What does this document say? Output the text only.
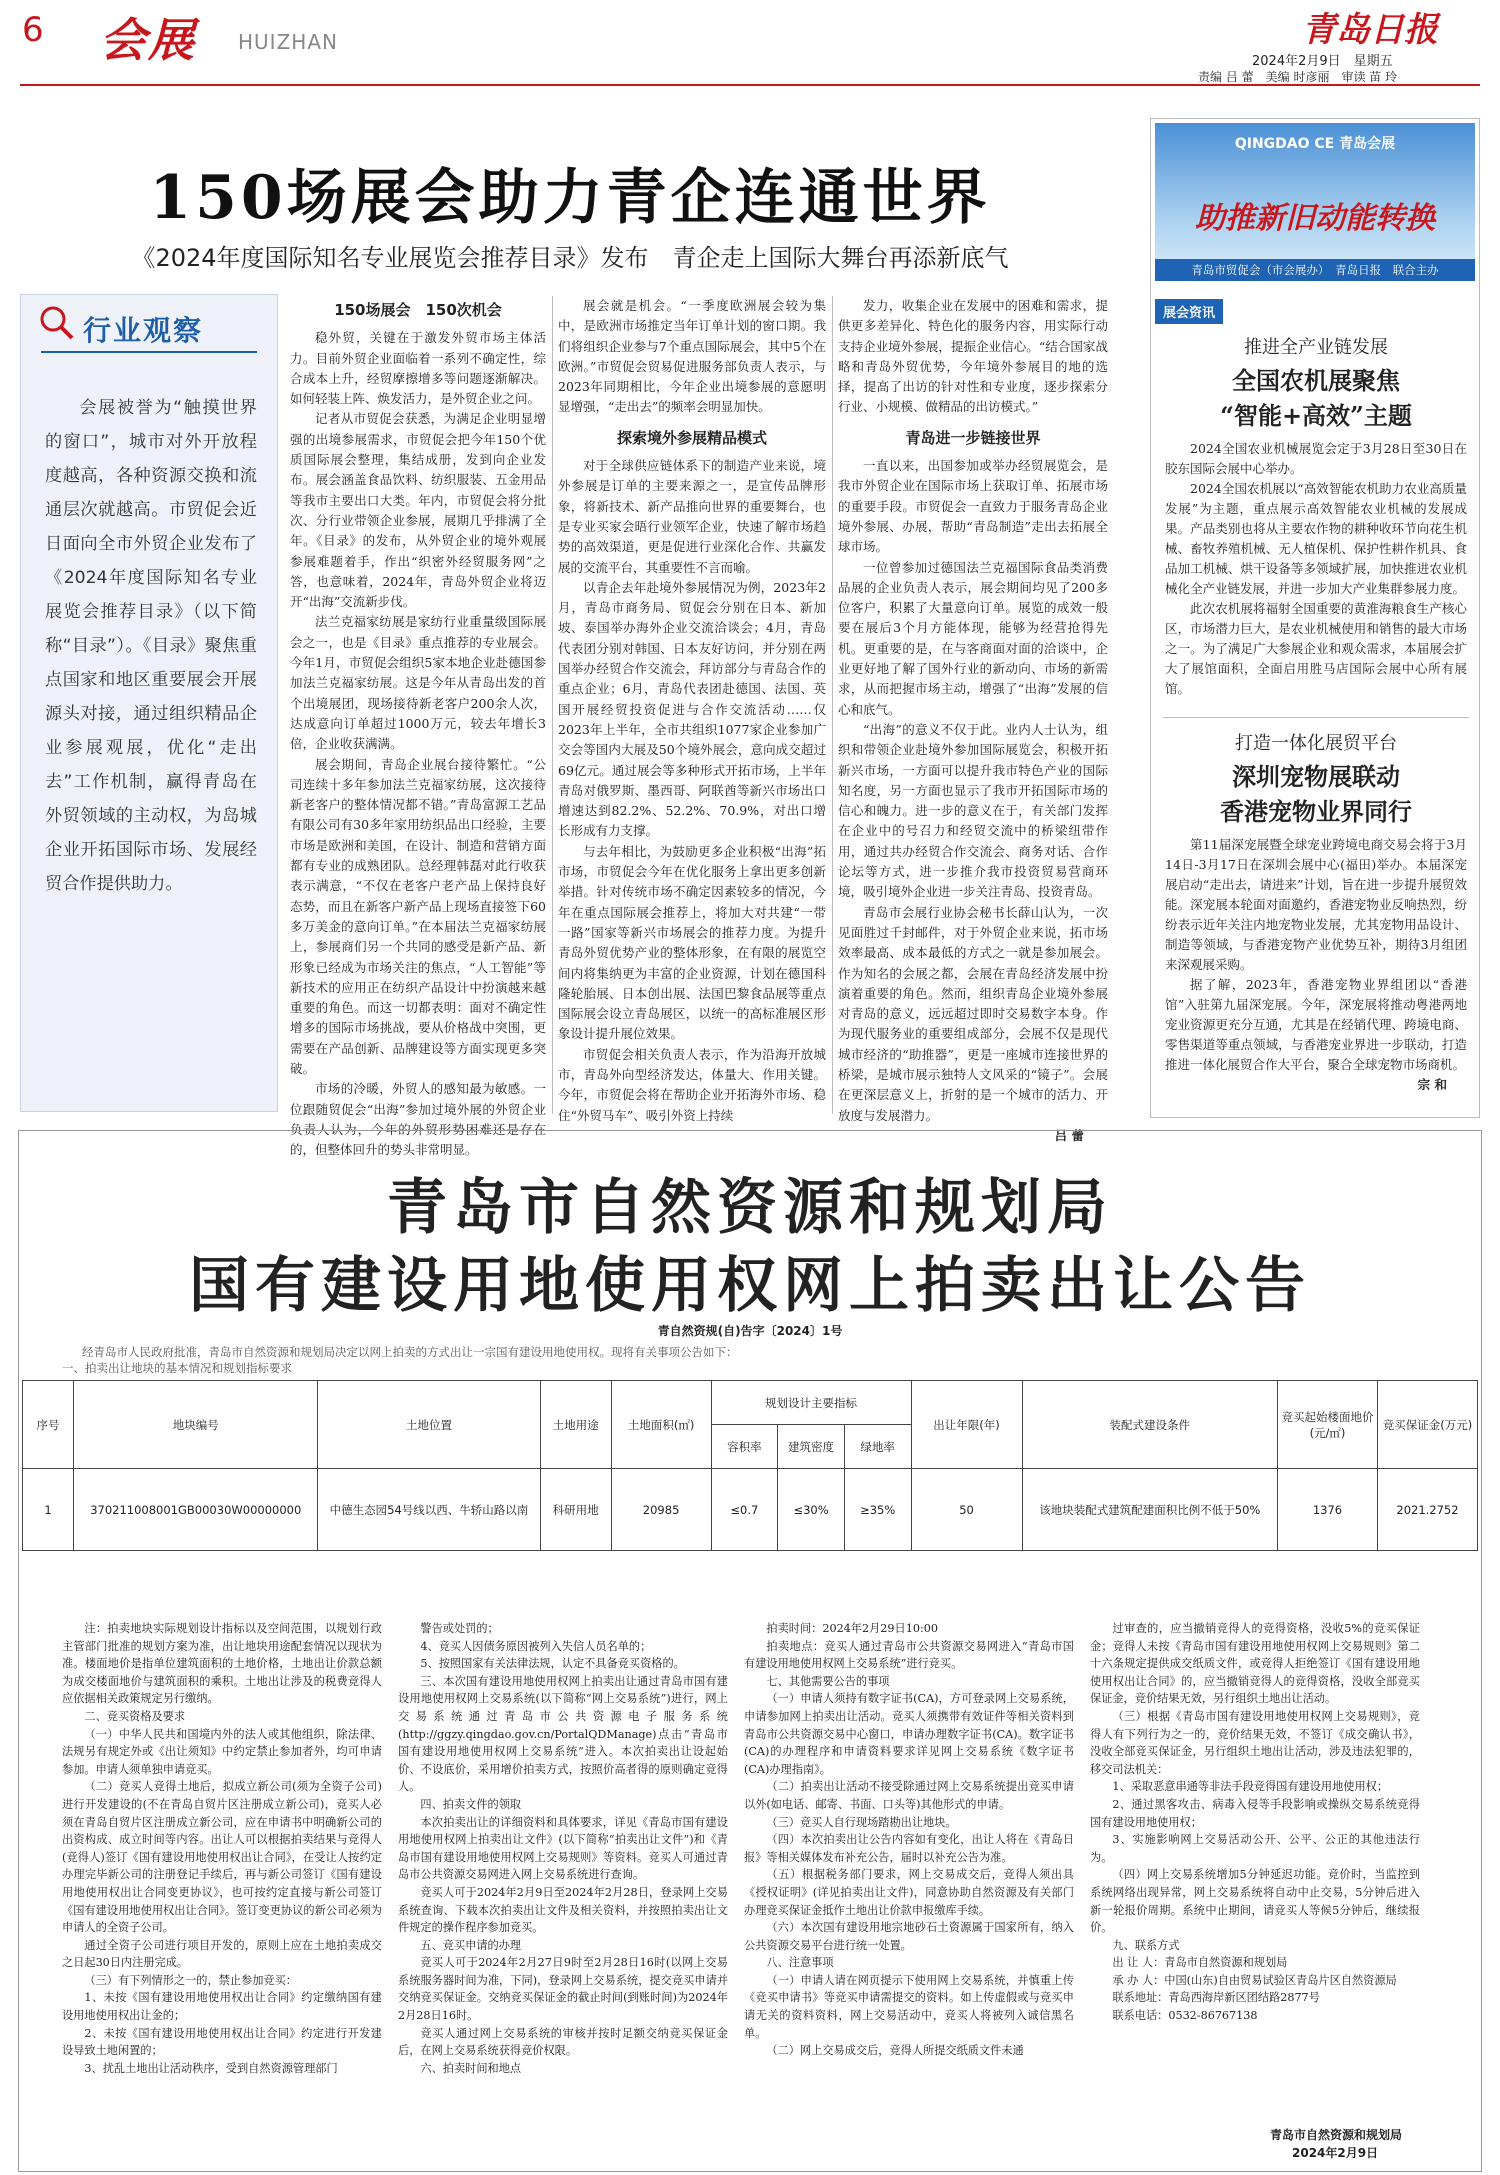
6 会展 HUIZHAN	青岛日报
2024年2月9日　星期五
责编 吕 蕾　美编 时彦丽　审读 苗 玲
150场展会助力青企连通世界
《2024年度国际知名专业展览会推荐目录》发布　青企走上国际大舞台再添新底气
行业观察
会展被誉为“触摸世界的窗口”，城市对外开放程度越高，各种资源交换和流通层次就越高。市贸促会近日面向全市外贸企业发布了《2024年度国际知名专业展览会推荐目录》（以下简称“目录”）。《目录》聚焦重点国家和地区重要展会开展源头对接，通过组织精品企业参展观展，优化“走出去”工作机制，赢得青岛在外贸领域的主动权，为岛城企业开拓国际市场、发展经贸合作提供助力。
150场展会　150次机会

稳外贸，关键在于激发外贸市场主体活力。目前外贸企业面临着一系列不确定性，综合成本上升，经贸摩擦增多等问题逐渐解决。如何轻装上阵、焕发活力，是外贸企业之问。

记者从市贸促会获悉，为满足企业明显增强的出境参展需求，市贸促会把今年150个优质国际展会整理，集结成册，发到向企业发布。展会涵盖食品饮料、纺织服装、五金用品等我市主要出口大类。年内，市贸促会将分批次、分行业带领企业参展，展期几乎排满了全年。《目录》的发布，从外贸企业的境外观展参展难题着手，作出“织密外经贸服务网”之答，也意味着，2024年，青岛外贸企业将迈开“出海”交流新步伐。

法兰克福家纺展是家纺行业重量级国际展会之一，也是《目录》重点推荐的专业展会。今年1月，市贸促会组织5家本地企业赴德国参加法兰克福家纺展。这是今年从青岛出发的首个出境展团，现场接待新老客户200余人次，达成意向订单超过1000万元，较去年增长3倍，企业收获满满。

展会期间，青岛企业展台接待繁忙。“公司连续十多年参加法兰克福家纺展，这次接待新老客户的整体情况都不错。”青岛富源工艺品有限公司有30多年家用纺织品出口经验，主要市场是欧洲和美国，在设计、制造和营销方面都有专业的成熟团队。总经理韩磊对此行收获表示满意，“不仅在老客户老产品上保持良好态势，而且在新客户新产品上现场直接签下60多万美金的意向订单。”在本届法兰克福家纺展上，参展商们另一个共同的感受是新产品、新形象已经成为市场关注的焦点，“人工智能”等新技术的应用正在纺织产品设计中扮演越来越重要的角色。而这一切都表明：面对不确定性增多的国际市场挑战，要从价格战中突围，更需要在产品创新、品牌建设等方面实现更多突破。

市场的冷暖，外贸人的感知最为敏感。一位跟随贸促会“出海”参加过境外展的外贸企业负责人认为，今年的外贸形势困难还是存在的，但整体回升的势头非常明显。

展会就是机会。“一季度欧洲展会较为集中，是欧洲市场推定当年订单计划的窗口期。我们将组织企业参与7个重点国际展会，其中5个在欧洲。”市贸促会贸易促进服务部负责人表示，与2023年同期相比，今年企业出境参展的意愿明显增强，“走出去”的频率会明显加快。

探索境外参展精品模式

对于全球供应链体系下的制造产业来说，境外参展是订单的主要来源之一，是宣传品牌形象，将新技术、新产品推向世界的重要舞台，也是专业买家会晤行业领军企业，快速了解市场趋势的高效渠道，更是促进行业深化合作、共赢发展的交流平台，其重要性不言而喻。

以青企去年赴境外参展情况为例，2023年2月，青岛市商务局、贸促会分别在日本、新加坡、泰国举办海外企业交流洽谈会；4月，青岛代表团分别对韩国、日本友好访问，并分别在两国举办经贸合作交流会，拜访部分与青岛合作的重点企业；6月，青岛代表团赴德国、法国、英国开展经贸投资促进与合作交流活动……仅2023年上半年，全市共组织1077家企业参加广交会等国内大展及50个境外展会，意向成交超过69亿元。通过展会等多种形式开拓市场，上半年青岛对俄罗斯、墨西哥、阿联酋等新兴市场出口增速达到82.2%、52.2%、70.9%，对出口增长形成有力支撑。

与去年相比，为鼓励更多企业积极“出海”拓市场，市贸促会今年在优化服务上拿出更多创新举措。针对传统市场不确定因素较多的情况，今年在重点国际展会推荐上，将加大对共建“一带一路”国家等新兴市场展会的推荐力度。为提升青岛外贸优势产业的整体形象，在有限的展览空间内将集纳更为丰富的企业资源，计划在德国科隆轮胎展、日本创出展、法国巴黎食品展等重点国际展会设立青岛展区，以统一的高标准展区形象设计提升展位效果。

市贸促会相关负责人表示，作为沿海开放城市，青岛外向型经济发达，体量大、作用关键。今年，市贸促会将在帮助企业开拓海外市场、稳住“外贸马车”、吸引外资上持续

发力，收集企业在发展中的困难和需求，提供更多差异化、特色化的服务内容，用实际行动支持企业境外参展，提振企业信心。“结合国家战略和青岛外贸优势，今年境外参展目的地的选择，提高了出访的针对性和专业度，逐步探索分行业、小规模、做精品的出访模式。”

青岛进一步链接世界

一直以来，出国参加或举办经贸展览会，是我市外贸企业在国际市场上获取订单、拓展市场的重要手段。市贸促会一直致力于服务青岛企业境外参展、办展，帮助“青岛制造”走出去拓展全球市场。

一位曾参加过德国法兰克福国际食品类消费品展的企业负责人表示，展会期间均见了200多位客户，积累了大量意向订单。展览的成效一般要在展后3个月方能体现，能够为经营抢得先机。更重要的是，在与客商面对面的洽谈中，企业更好地了解了国外行业的新动向、市场的新需求，从而把握市场主动，增强了“出海”发展的信心和底气。

“出海”的意义不仅于此。业内人士认为，组织和带领企业赴境外参加国际展览会，积极开拓新兴市场，一方面可以提升我市特色产业的国际知名度，另一方面也显示了我市开拓国际市场的信心和魄力。进一步的意义在于，有关部门发挥在企业中的号召力和经贸交流中的桥梁纽带作用，通过共办经贸合作交流会、商务对话、合作论坛等方式，进一步推介我市投资贸易营商环境，吸引境外企业进一步关注青岛、投资青岛。

青岛市会展行业协会秘书长薛山认为，一次见面胜过千封邮件，对于外贸企业来说，拓市场效率最高、成本最低的方式之一就是参加展会。作为知名的会展之都，会展在青岛经济发展中扮演着重要的角色。然而，组织青岛企业境外参展对青岛的意义，远远超过即时交易数字本身。作为现代服务业的重要组成部分，会展不仅是现代城市经济的“助推器”，更是一座城市连接世界的桥梁，是城市展示独特人文风采的“镜子”。会展在更深层意义上，折射的是一个城市的活力、开放度与发展潜力。

吕 蕾
QINGDAO CE 青岛会展
助推新旧动能转换
青岛市贸促会（市会展办）　青岛日报　联合主办
展会资讯
推进全产业链发展
全国农机展聚焦
“智能+高效”主题

2024全国农业机械展览会定于3月28日至30日在胶东国际会展中心举办。

2024全国农机展以“高效智能农机助力农业高质量发展”为主题，重点展示高效智能农业机械的发展成果。产品类别也将从主要农作物的耕种收环节向花生机械、畜牧养殖机械、无人植保机、保护性耕作机具、食品加工机械、烘干设备等多领域扩展，加快推进农业机械化全产业链发展，并进一步加大产业集群参展力度。

此次农机展将福射全国重要的黄淮海粮食生产核心区，市场潜力巨大，是农业机械使用和销售的最大市场之一。为了满足广大参展企业和观众需求，本届展会扩大了展馆面积，全面启用胜马店国际会展中心所有展馆。

打造一体化展贸平台
深圳宠物展联动
香港宠物业界同行

第11届深宠展暨全球宠业跨境电商交易会将于3月14日-3月17日在深圳会展中心(福田)举办。本届深宠展启动“走出去，请进来”计划，旨在进一步提升展贸效能。深宠展本轮面对面邀约，香港宠物业反响热烈，纷纷表示近年关注内地宠物业发展，尤其宠物用品设计、制造等领域，与香港宠物产业优势互补，期待3月组团来深观展采购。

据了解，2023年，香港宠物业界组团以“香港馆”入驻第九届深宠展。今年，深宠展将推动粤港两地宠业资源更充分互通，尤其是在经销代理、跨境电商、零售渠道等重点领域，与香港宠业界进一步联动，打造推进一体化展贸合作大平台，聚合全球宠物市场商机。

宗 和
青岛市自然资源和规划局
国有建设用地使用权网上拍卖出让公告
青自然资规(自)告字〔2024〕1号
经青岛市人民政府批准，青岛市自然资源和规划局决定以网上拍卖的方式出让一宗国有建设用地使用权。现将有关事项公告如下：
一、拍卖出让地块的基本情况和规划指标要求
序号	地块编号	土地位置	土地用途	土地面积(㎡)	规划设计主要指标			出让年限(年)	装配式建设条件	竞买起始楼面地价(元/㎡)	竞买保证金(万元)
					容积率	建筑密度	绿地率				
1	370211008001GB00030W00000000	中德生态园54号线以西、牛轿山路以南	科研用地	20985	≤0.7	≤30%	≥35%	50	该地块装配式建筑配建面积比例不低于50%	1376	2021.2752

注：拍卖地块实际规划设计指标以及空间范围，以规划行政主管部门批准的规划方案为准，出让地块用途配套情况以现状为准。楼面地价是指单位建筑面积的土地价格，土地出让价款总额为成交楼面地价与建筑面积的乘积。土地出让涉及的税费竞得人应依据相关政策规定另行缴纳。

二、竞买资格及要求

（一）中华人民共和国境内外的法人或其他组织，除法律、法规另有规定外或《出让须知》中约定禁止参加者外，均可申请参加。申请人须单独申请竞买。

（二）竞买人竞得土地后，拟成立新公司(须为全资子公司)进行开发建设的(不在青岛自贸片区注册成立新公司)，竞买人必须在青岛自贸片区注册成立新公司，应在申请书中明确新公司的出资构成、成立时间等内容。出让人可以根据拍卖结果与竞得人(竞得人)签订《国有建设用地使用权出让合同》，在受让人按约定办理完毕新公司的注册登记手续后，再与新公司签订《国有建设用地使用权出让合同变更协议》，也可按约定直接与新公司签订《国有建设用地使用权出让合同》。签订变更协议的新公司必须为申请人的全资子公司。

通过全资子公司进行项目开发的，原则上应在土地拍卖成交之日起30日内注册完成。

（三）有下列情形之一的，禁止参加竞买：

1、未按《国有建设用地使用权出让合同》约定缴纳国有建设用地使用权出让金的；

2、未按《国有建设用地使用权出让合同》约定进行开发建设导致土地闲置的；

3、扰乱土地出让活动秩序，受到自然资源管理部门

警告或处罚的；

4、竞买人因债务原因被列入失信人员名单的；

5、按照国家有关法律法规，认定不具备竞买资格的。

三、本次国有建设用地使用权网上拍卖出让通过青岛市国有建设用地使用权网上交易系统(以下简称“网上交易系统”)进行，网上交易系统通过青岛市公共资源电子服务系统(http://ggzy.qingdao.gov.cn/PortalQDManage)点击“青岛市国有建设用地使用权网上交易系统”进入。本次拍卖出让设起始价、不设底价，采用增价拍卖方式，按照价高者得的原则确定竞得人。

四、拍卖文件的领取

本次拍卖出让的详细资料和具体要求，详见《青岛市国有建设用地使用权网上拍卖出让文件》(以下简称“拍卖出让文件”)和《青岛市国有建设用地使用权网上交易规则》等资料。竞买人可通过青岛市公共资源交易网进入网上交易系统进行查询。

竞买人可于2024年2月9日至2024年2月28日，登录网上交易系统查询、下载本次拍卖出让文件及相关资料，并按照拍卖出让文件规定的操作程序参加竞买。

五、竞买申请的办理

竞买人可于2024年2月27日9时至2月28日16时(以网上交易系统服务器时间为准，下同)，登录网上交易系统，提交竞买申请并交纳竞买保证金。交纳竞买保证金的截止时间(到账时间)为2024年2月28日16时。

竞买人通过网上交易系统的审核并按时足额交纳竞买保证金后，在网上交易系统获得竞价权限。

六、拍卖时间和地点

拍卖时间：2024年2月29日10:00

拍卖地点：竞买人通过青岛市公共资源交易网进入“青岛市国有建设用地使用权网上交易系统”进行竞买。

七、其他需要公告的事项

（一）申请人须持有数字证书(CA)，方可登录网上交易系统，申请参加网上拍卖出让活动。竞买人须携带有效证件等相关资料到青岛市公共资源交易中心窗口，申请办理数字证书(CA)。数字证书(CA)的办理程序和申请资料要求详见网上交易系统《数字证书(CA)办理指南》。

（二）拍卖出让活动不接受除通过网上交易系统提出竞买申请以外(如电话、邮寄、书面、口头等)其他形式的申请。

（三）竞买人自行现场踏勘出让地块。

（四）本次拍卖出让公告内容如有变化，出让人将在《青岛日报》等相关媒体发布补充公告，届时以补充公告为准。

（五）根据税务部门要求，网上交易成交后，竞得人须出具《授权证明》(详见拍卖出让文件)，同意协助自然资源及有关部门办理竞买保证金抵作土地出让价款申报缴库手续。

（六）本次国有建设用地宗地砂石土资源属于国家所有，纳入公共资源交易平台进行统一处置。

八、注意事项

（一）申请人请在网页提示下使用网上交易系统，并慎重上传《竞买申请书》等竞买申请需提交的资料。如上传虚假或与竞买申请无关的资料资料，网上交易活动中，竞买人将被列入诚信黑名单。

（二）网上交易成交后，竞得人所提交纸质文件未通

过审查的，应当撤销竞得人的竞得资格，没收5%的竞买保证金；竞得人未按《青岛市国有建设用地使用权网上交易规则》第二十六条规定提供成交纸质文件，或竞得人拒绝签订《国有建设用地使用权出让合同》的，应当撤销竞得人的竞得资格，没收全部竞买保证金，竞价结果无效，另行组织土地出让活动。

（三）根据《青岛市国有建设用地使用权网上交易规则》，竞得人有下列行为之一的，竞价结果无效，不签订《成交确认书》，没收全部竞买保证金，另行组织土地出让活动，涉及违法犯罪的，移交司法机关：

1、采取恶意串通等非法手段竞得国有建设用地使用权；

2、通过黑客攻击、病毒入侵等手段影响或操纵交易系统竞得国有建设用地使用权；

3、实施影响网上交易活动公开、公平、公正的其他违法行为。

（四）网上交易系统增加5分钟延迟功能。竞价时，当监控到系统网络出现异常，网上交易系统将自动中止交易，5分钟后进入新一轮报价周期。系统中止期间，请竞买人等候5分钟后，继续报价。

九、联系方式

出 让 人：青岛市自然资源和规划局

承 办 人：中国(山东)自由贸易试验区青岛片区自然资源局

联系地址：青岛西海岸新区团结路2877号

联系电话：0532-86767138

青岛市自然资源和规划局
2024年2月9日
